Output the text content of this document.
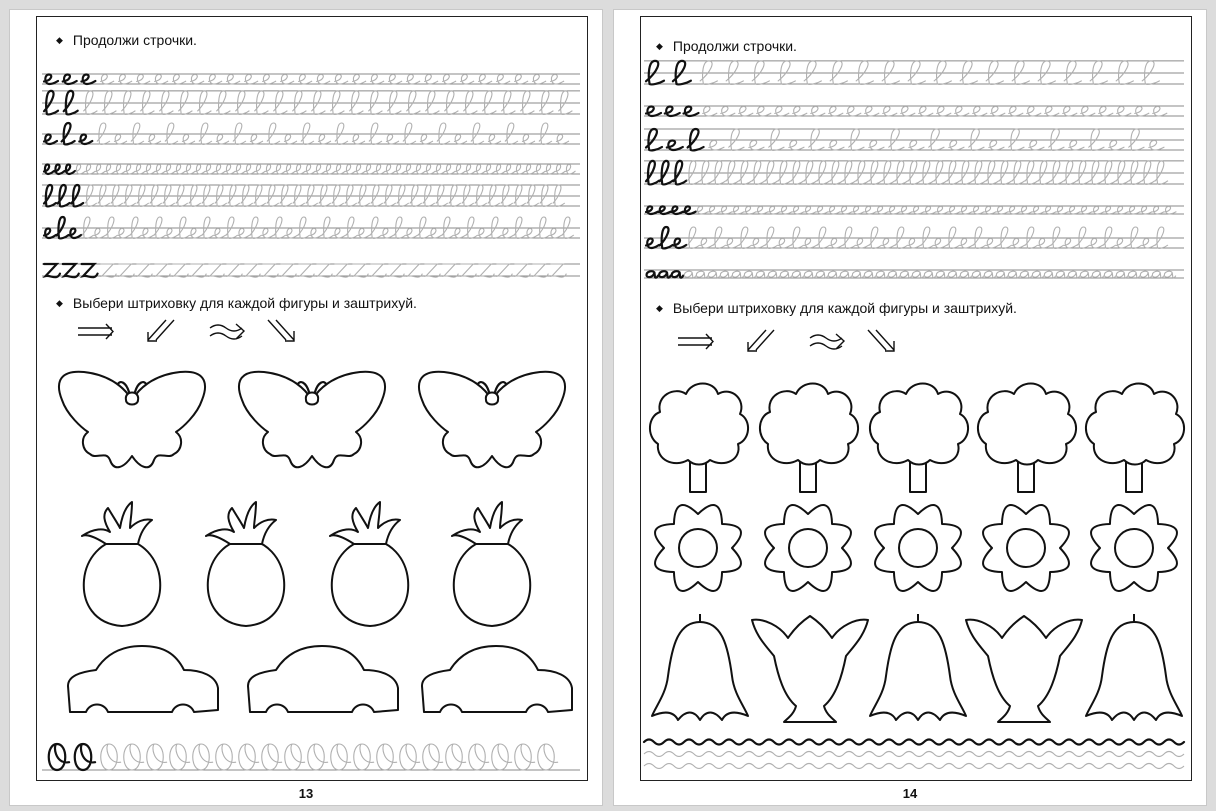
◆ Продолжи строчки.
◆ Выбери штриховку для каждой фигуры и заштрихуй.
13
◆ Продолжи строчки.
◆ Выбери штриховку для каждой фигуры и заштрихуй.
14
